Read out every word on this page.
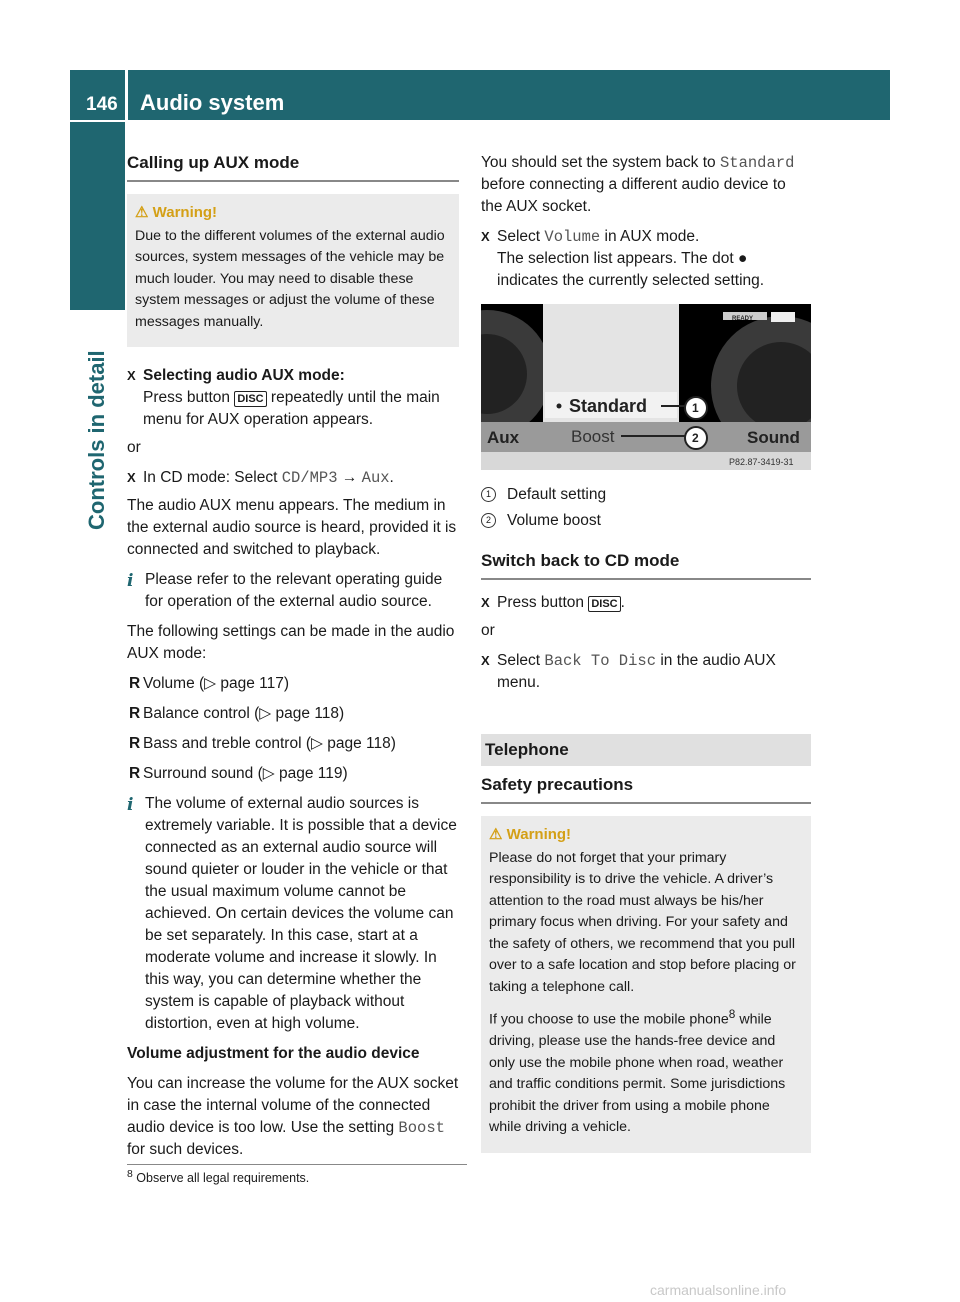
146 Audio system
Controls in detail
Calling up AUX mode
⚠ Warning!

Due to the different volumes of the external audio sources, system messages of the vehicle may be much louder. You may need to disable these system messages or adjust the volume of these messages manually.

X Selecting audio AUX mode:
Press button DISC repeatedly until the main menu for AUX operation appears.

or

X In CD mode: Select CD/MP3 → Aux.

The audio AUX menu appears. The medium in the external audio source is heard, provided it is connected and switched to playback.

i Please refer to the relevant operating guide for operation of the external audio source.

The following settings can be made in the audio AUX mode:

R Volume (▷ page 117)
R Balance control (▷ page 118)
R Bass and treble control (▷ page 118)
R Surround sound (▷ page 119)
i The volume of external audio sources is extremely variable. It is possible that a device connected as an external audio source will sound quieter or louder in the vehicle or that the usual maximum volume cannot be achieved. On certain devices the volume can be set separately. In this case, start at a moderate volume and increase it slowly. In this way, you can determine whether the system is capable of playback without distortion, even at high volume.

Volume adjustment for the audio device

You can increase the volume for the AUX socket in case the internal volume of the connected audio device is too low. Use the setting Boost for such devices.

You should set the system back to Standard before connecting a different audio device to the AUX socket.

X Select Volume in AUX mode.
The selection list appears. The dot ● indicates the currently selected setting.
Standard
Boost
Aux	Sound
READY
1
2
P82.87-3419-31
1	Default setting
2	Volume boost
Switch back to CD mode
X Press button DISC .

or

X Select Back To Disc in the audio AUX menu.
Telephone
Safety precautions
⚠ Warning!

Please do not forget that your primary responsibility is to drive the vehicle. A driver’s attention to the road must always be his/her primary focus when driving. For your safety and the safety of others, we recommend that you pull over to a safe location and stop before placing or taking a telephone call.

If you choose to use the mobile phone$^8$ while driving, please use the hands-free device and only use the mobile phone when road, weather and traffic conditions permit. Some jurisdictions prohibit the driver from using a mobile phone while driving a vehicle.

$^8$ Observe all legal requirements.
carmanualsonline.info
